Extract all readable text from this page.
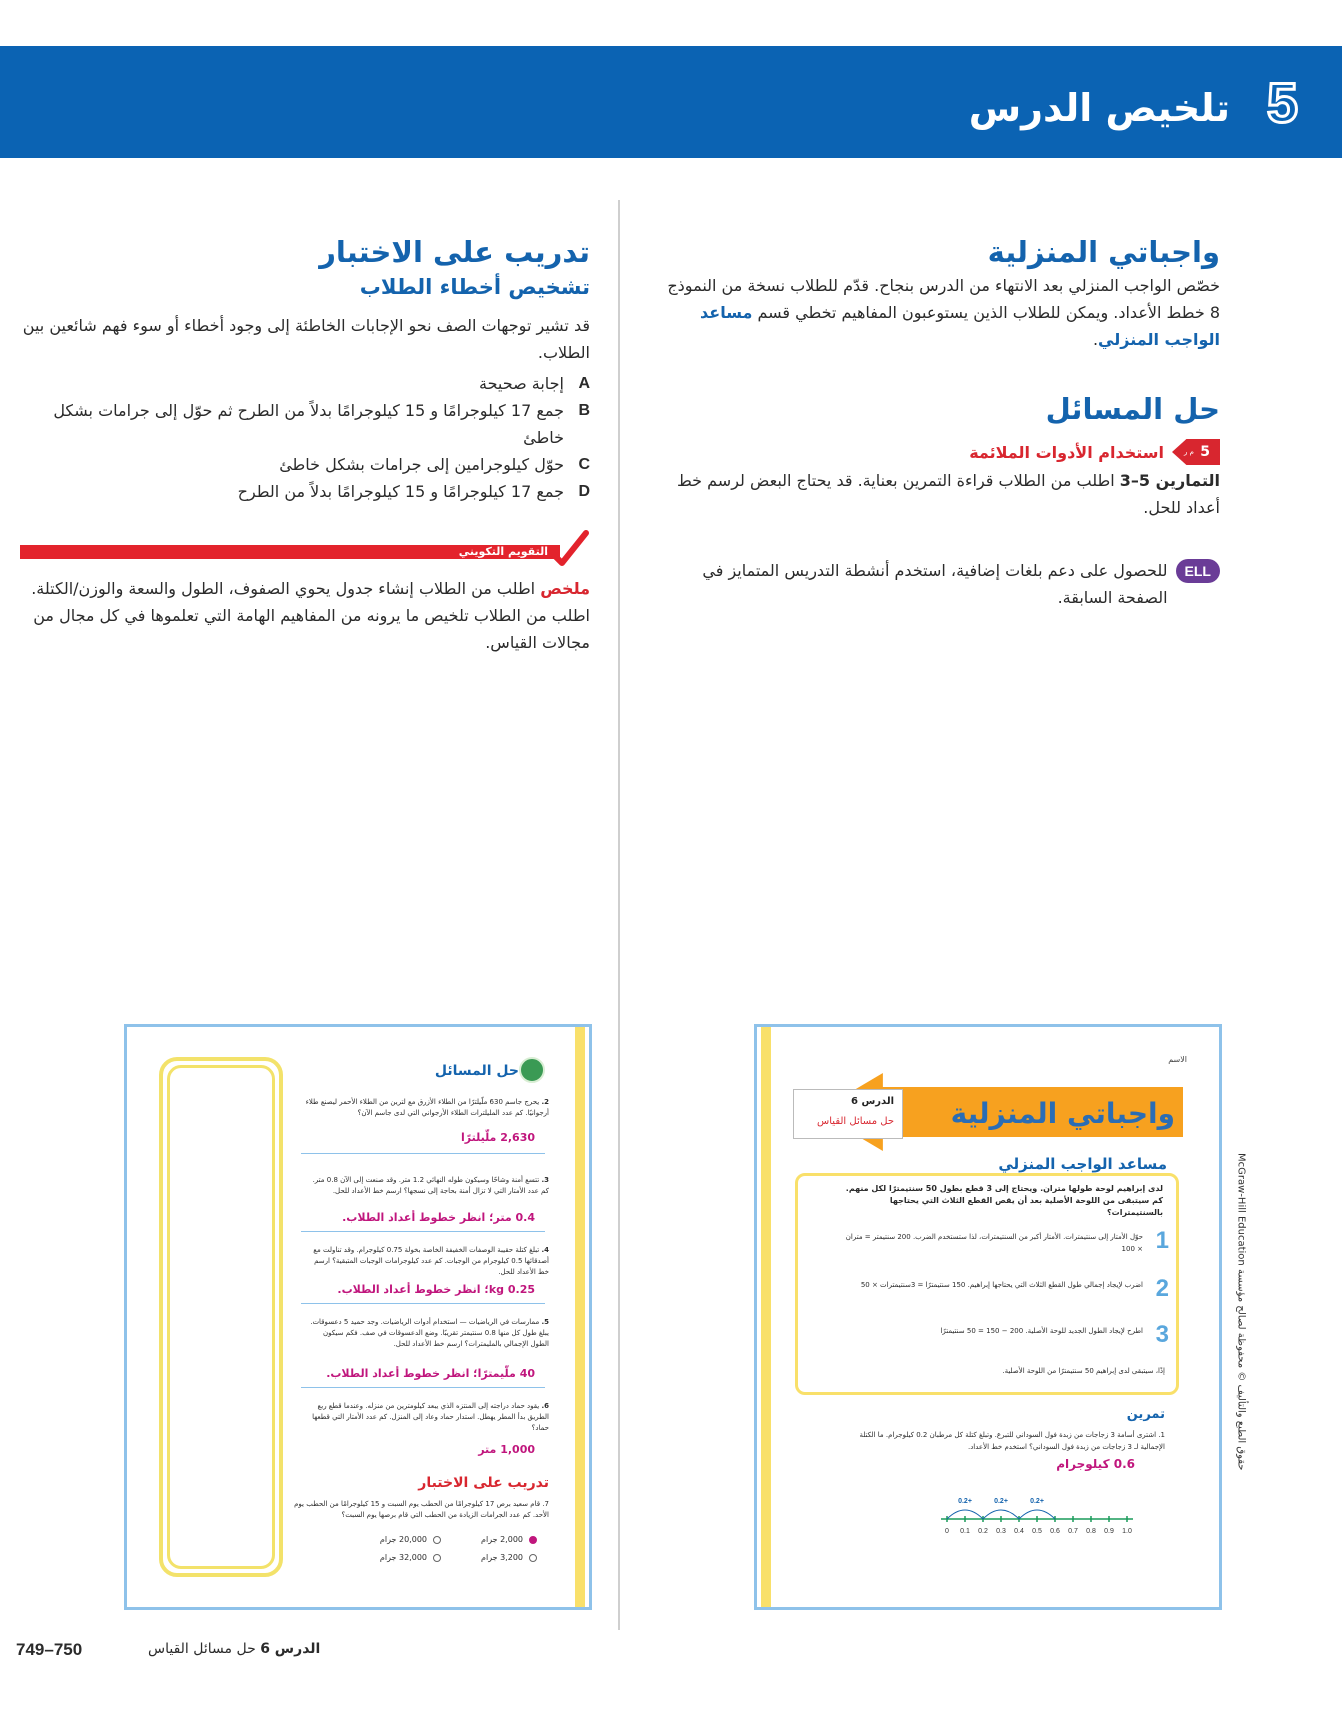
5
تلخيص الدرس
واجباتي المنزلية

خصّص الواجب المنزلي بعد الانتهاء من الدرس بنجاح. قدّم للطلاب نسخة من النموذج 8 خطط الأعداد. ويمكن للطلاب الذين يستوعبون المفاهيم تخطي قسم مساعد الواجب المنزلي.

حل المسائل
م ر 5
استخدام الأدوات الملائمة

التمارين 5–3 اطلب من الطلاب قراءة التمرين بعناية. قد يحتاج البعض لرسم خط أعداد للحل.

ELL
للحصول على دعم بلغات إضافية، استخدم أنشطة التدريس المتمايز في الصفحة السابقة.
تدريب على الاختبار
تشخيص أخطاء الطلاب

قد تشير توجهات الصف نحو الإجابات الخاطئة إلى وجود أخطاء أو سوء فهم شائعين بين الطلاب.

A
إجابة صحيحة
B
جمع 17 كيلوجرامًا و 15 كيلوجرامًا بدلاً من الطرح ثم حوّل إلى جرامات بشكل خاطئ
C
حوّل كيلوجرامين إلى جرامات بشكل خاطئ
D
جمع 17 كيلوجرامًا و 15 كيلوجرامًا بدلاً من الطرح
التقويم التكويني

ملخص اطلب من الطلاب إنشاء جدول يحوي الصفوف، الطول والسعة والوزن/الكتلة. اطلب من الطلاب تلخيص ما يرونه من المفاهيم الهامة التي تعلموها في كل مجال من مجالات القياس.

الاسم
واجباتي المنزلية
الدرس 6
حل مسائل القياس
مساعد الواجب المنزلي
لدى إبراهيم لوحة طولها متران. ويحتاج إلى 3 قطع بطول 50 سنتيمترًا لكل منهم. كم سيتبقى من اللوحة الأصلية بعد أن يقص القطع الثلاث التي يحتاجها بالسنتيمترات؟
1
حوّل الأمتار إلى سنتيمترات. الأمتار أكبر من السنتيمترات، لذا ستستخدم الضرب. 200 سنتيمتر = متران × 100
2
اضرب لإيجاد إجمالي طول القطع الثلاث التي يحتاجها إبراهيم. 150 سنتيمترًا = 3سنتيمترات × 50
3
اطرح لإيجاد الطول الجديد للوحة الأصلية. 200 − 150 = 50 سنتيمترًا
إذًا، سيتبقى لدى إبراهيم 50 سنتيمترًا من اللوحة الأصلية.
تمرين
1. اشترى أسامة 3 زجاجات من زبدة فول السوداني للتبرع. وتبلغ كتلة كل مرطبان 0.2 كيلوجرام. ما الكتلة الإجمالية لـ 3 زجاجات من زبدة فول السوداني؟ استخدم خط الأعداد.
0.6 كيلوجرام
0 0.1 0.2 0.3 0.4 0.5 0.6 0.7 0.8 0.9 1.0
+0.2	+0.2	+0.2
حقوق الطبع والتأليف © محفوظة لصالح مؤسسة McGraw-Hill Education
حل المسائل
2. يحرج جاسم 630 ملّيلترًا من الطلاء الأزرق مع لترين من الطلاء الأحمر ليصنع طلاء أرجوانيًا. كم عدد المليلترات الطلاء الأرجواني التي لدى جاسم الآن؟
2,630 ملّيلترًا
3. تتسع أمنة وشاحًا وسيكون طوله النهائي 1.2 متر. وقد صنعت إلى الآن 0.8 متر. كم عدد الأمتار التي لا تزال أمنة بحاجة إلى نسجها؟ ارسم خط الأعداد للحل.
0.4 متر؛ انظر خطوط أعداد الطلاب.
4. تبلغ كتلة حقيبة الوصفات الخفيفة الخاصة بخولة 0.75 كيلوجرام. وقد تناولت مع أصدقائها 0.5 كيلوجرام من الوجبات. كم عدد كيلوجرامات الوجبات المتبقية؟ ارسم خط الأعداد للحل.
0.25 kg؛ انظر خطوط أعداد الطلاب.
5. ممارسات في الرياضيات — استخدام أدوات الرياضيات. وجد حميد 5 دعسوقات. يبلغ طول كل منها 0.8 سنتيمتر تقريبًا. وضع الدعسوقات في صف. فكم سيكون الطول الإجمالي بالمليمترات؟ ارسم خط الأعداد للحل.
40 ملّيمترًا؛ انظر خطوط أعداد الطلاب.
6. يقود حماد دراجته إلى المنتزه الذي يبعد كيلومترين من منزله. وعندما قطع ربع الطريق بدأ المطر يهطل. استدار حماد وعاد إلى المنزل. كم عدد الأمتار التي قطعها حماد؟
1,000 متر
تدريب على الاختبار
7. قام سعيد برص 17 كيلوجرامًا من الحطب يوم السبت و 15 كيلوجرامًا من الحطب يوم الأحد. كم عدد الجرامات الزيادة من الحطب التي قام برصها يوم السبت؟
2,000 جرام
3,200 جرام
20,000 جرام
32,000 جرام
749–750	الدرس 6 حل مسائل القياس
